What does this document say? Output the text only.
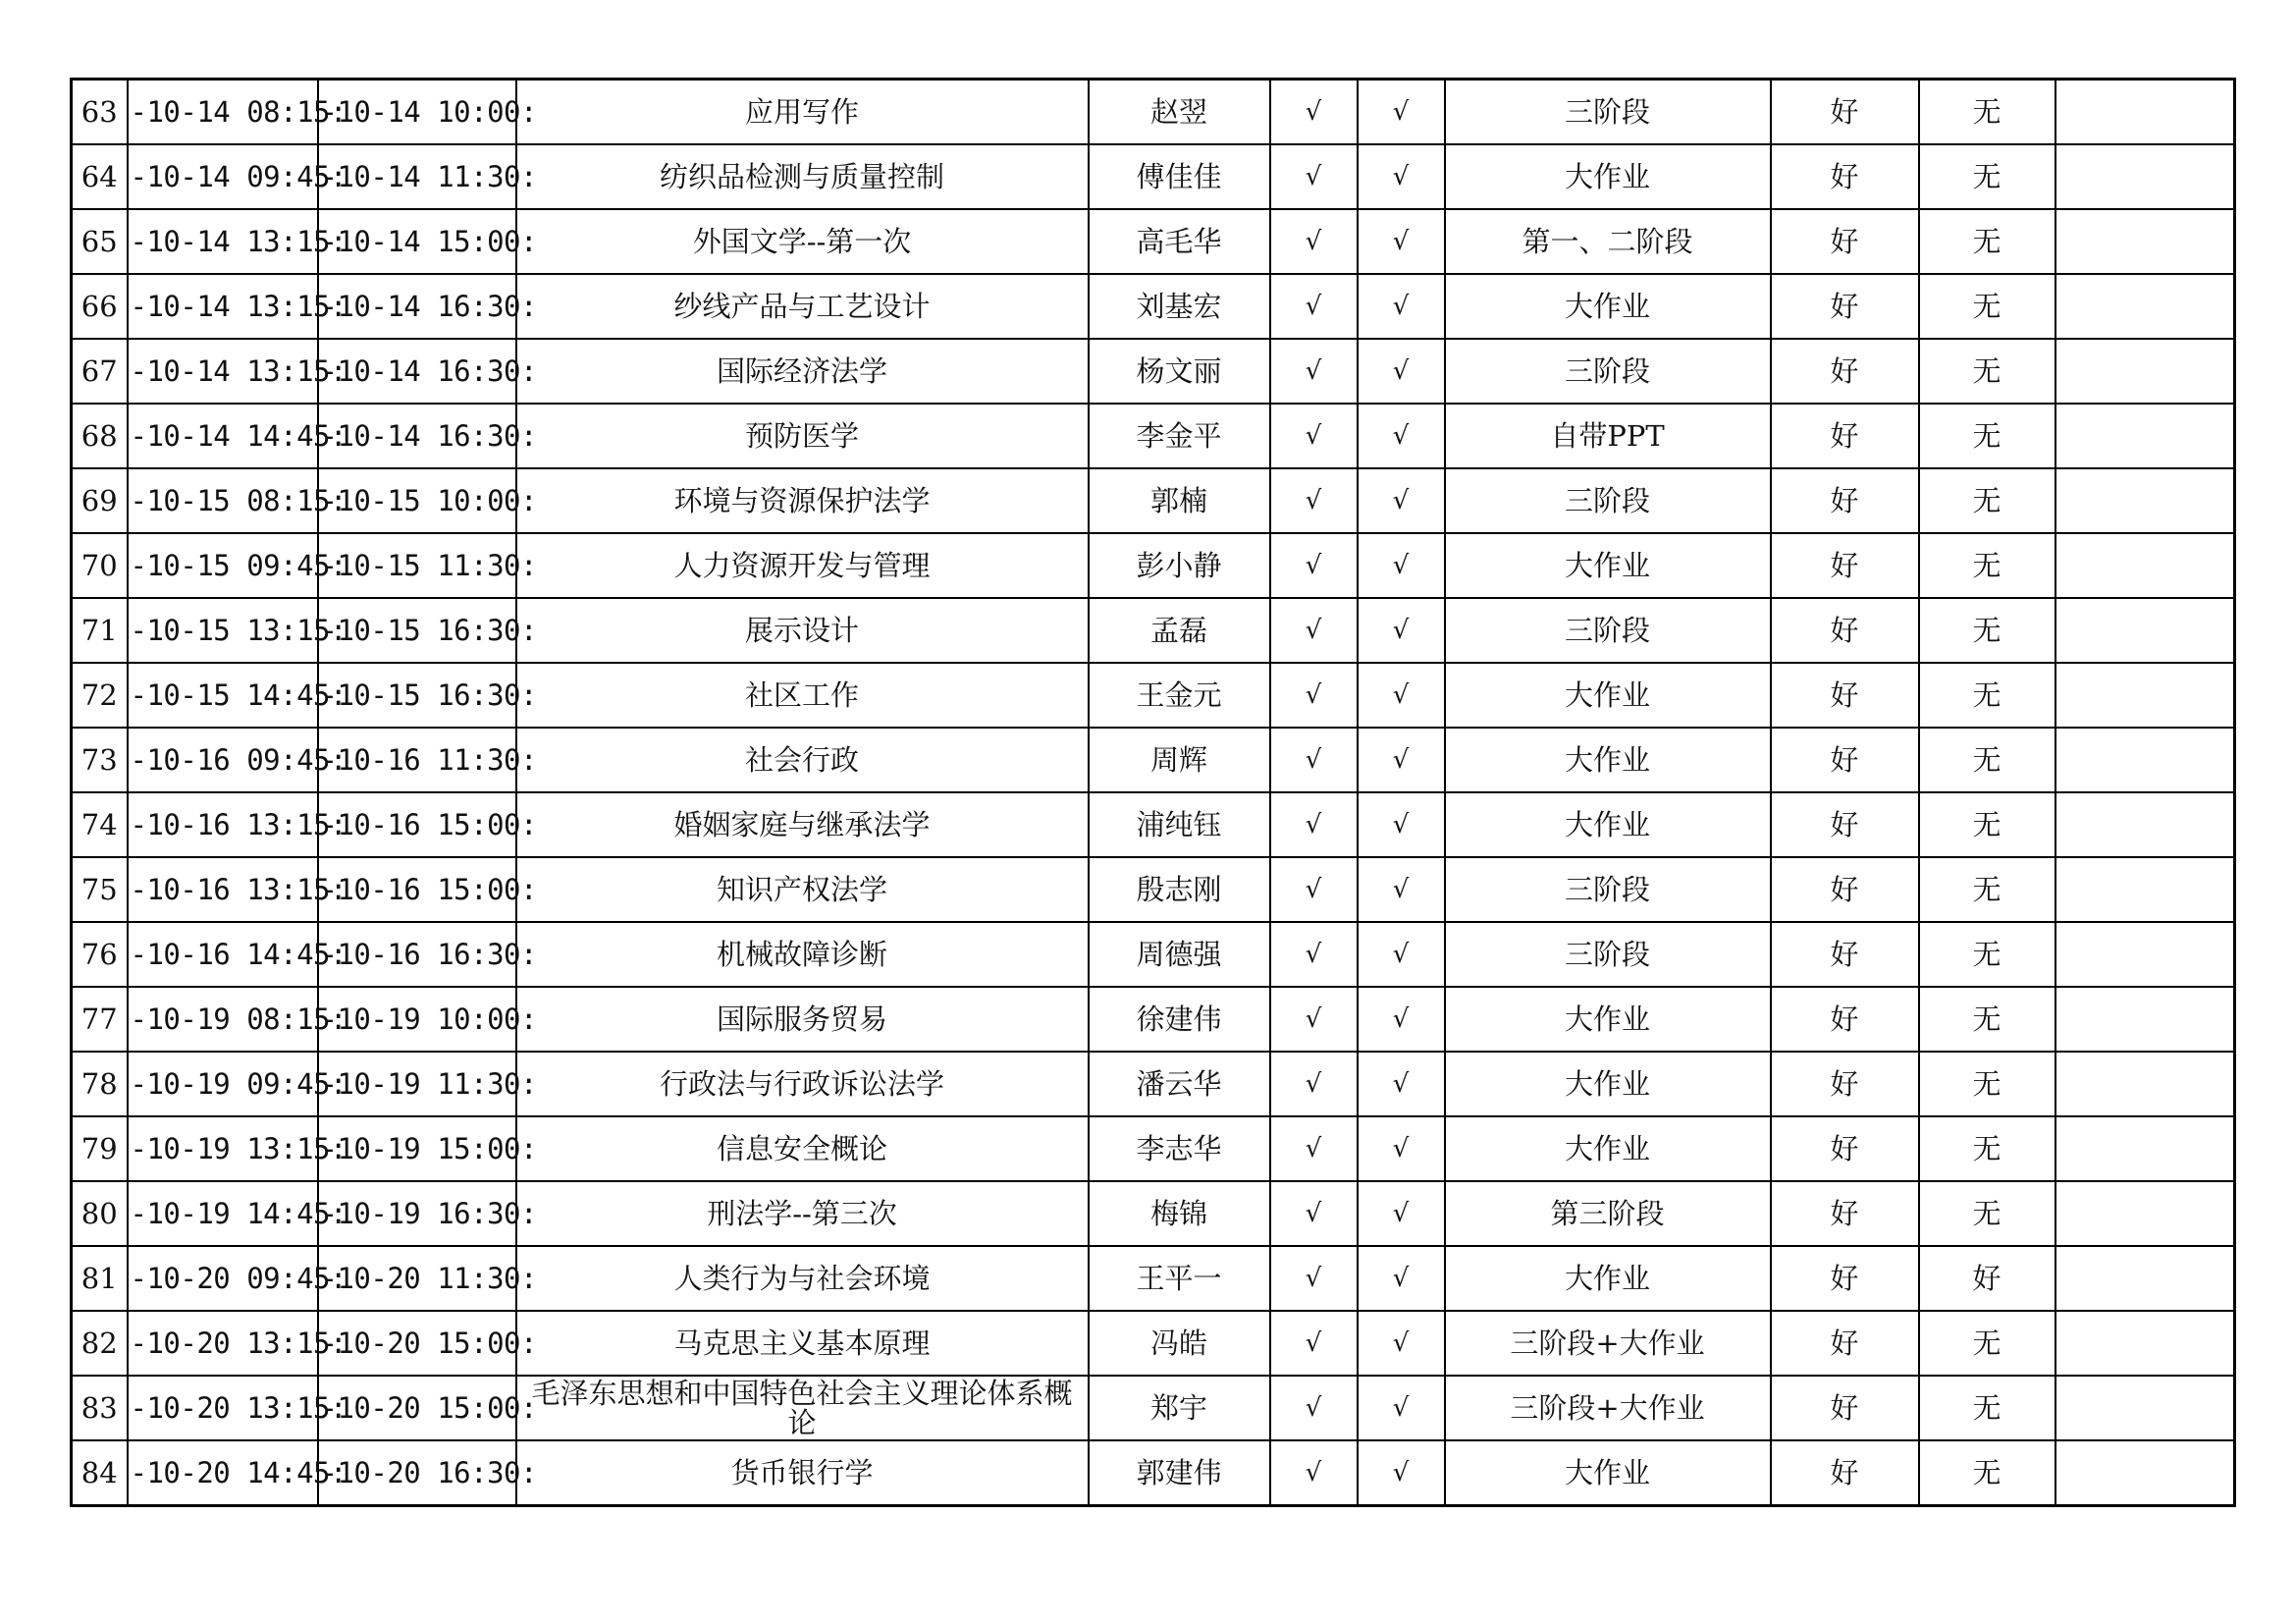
63	-10-14 08:15:	-10-14 10:00:	应用写作	赵翌	√	√	三阶段	好	无	
64	-10-14 09:45:	-10-14 11:30:	纺织品检测与质量控制	傅佳佳	√	√	大作业	好	无	
65	-10-14 13:15:	-10-14 15:00:	外国文学--第一次	高毛华	√	√	第一、二阶段	好	无	
66	-10-14 13:15:	-10-14 16:30:	纱线产品与工艺设计	刘基宏	√	√	大作业	好	无	
67	-10-14 13:15:	-10-14 16:30:	国际经济法学	杨文丽	√	√	三阶段	好	无	
68	-10-14 14:45:	-10-14 16:30:	预防医学	李金平	√	√	自带PPT	好	无	
69	-10-15 08:15:	-10-15 10:00:	环境与资源保护法学	郭楠	√	√	三阶段	好	无	
70	-10-15 09:45:	-10-15 11:30:	人力资源开发与管理	彭小静	√	√	大作业	好	无	
71	-10-15 13:15:	-10-15 16:30:	展示设计	孟磊	√	√	三阶段	好	无	
72	-10-15 14:45:	-10-15 16:30:	社区工作	王金元	√	√	大作业	好	无	
73	-10-16 09:45:	-10-16 11:30:	社会行政	周辉	√	√	大作业	好	无	
74	-10-16 13:15:	-10-16 15:00:	婚姻家庭与继承法学	浦纯钰	√	√	大作业	好	无	
75	-10-16 13:15:	-10-16 15:00:	知识产权法学	殷志刚	√	√	三阶段	好	无	
76	-10-16 14:45:	-10-16 16:30:	机械故障诊断	周德强	√	√	三阶段	好	无	
77	-10-19 08:15:	-10-19 10:00:	国际服务贸易	徐建伟	√	√	大作业	好	无	
78	-10-19 09:45:	-10-19 11:30:	行政法与行政诉讼法学	潘云华	√	√	大作业	好	无	
79	-10-19 13:15:	-10-19 15:00:	信息安全概论	李志华	√	√	大作业	好	无	
80	-10-19 14:45:	-10-19 16:30:	刑法学--第三次	梅锦	√	√	第三阶段	好	无	
81	-10-20 09:45:	-10-20 11:30:	人类行为与社会环境	王平一	√	√	大作业	好	好	
82	-10-20 13:15:	-10-20 15:00:	马克思主义基本原理	冯皓	√	√	三阶段+大作业	好	无	
83	-10-20 13:15:	-10-20 15:00:	毛泽东思想和中国特色社会主义理论体系概论	郑宇	√	√	三阶段+大作业	好	无	
84	-10-20 14:45:	-10-20 16:30:	货币银行学	郭建伟	√	√	大作业	好	无	
